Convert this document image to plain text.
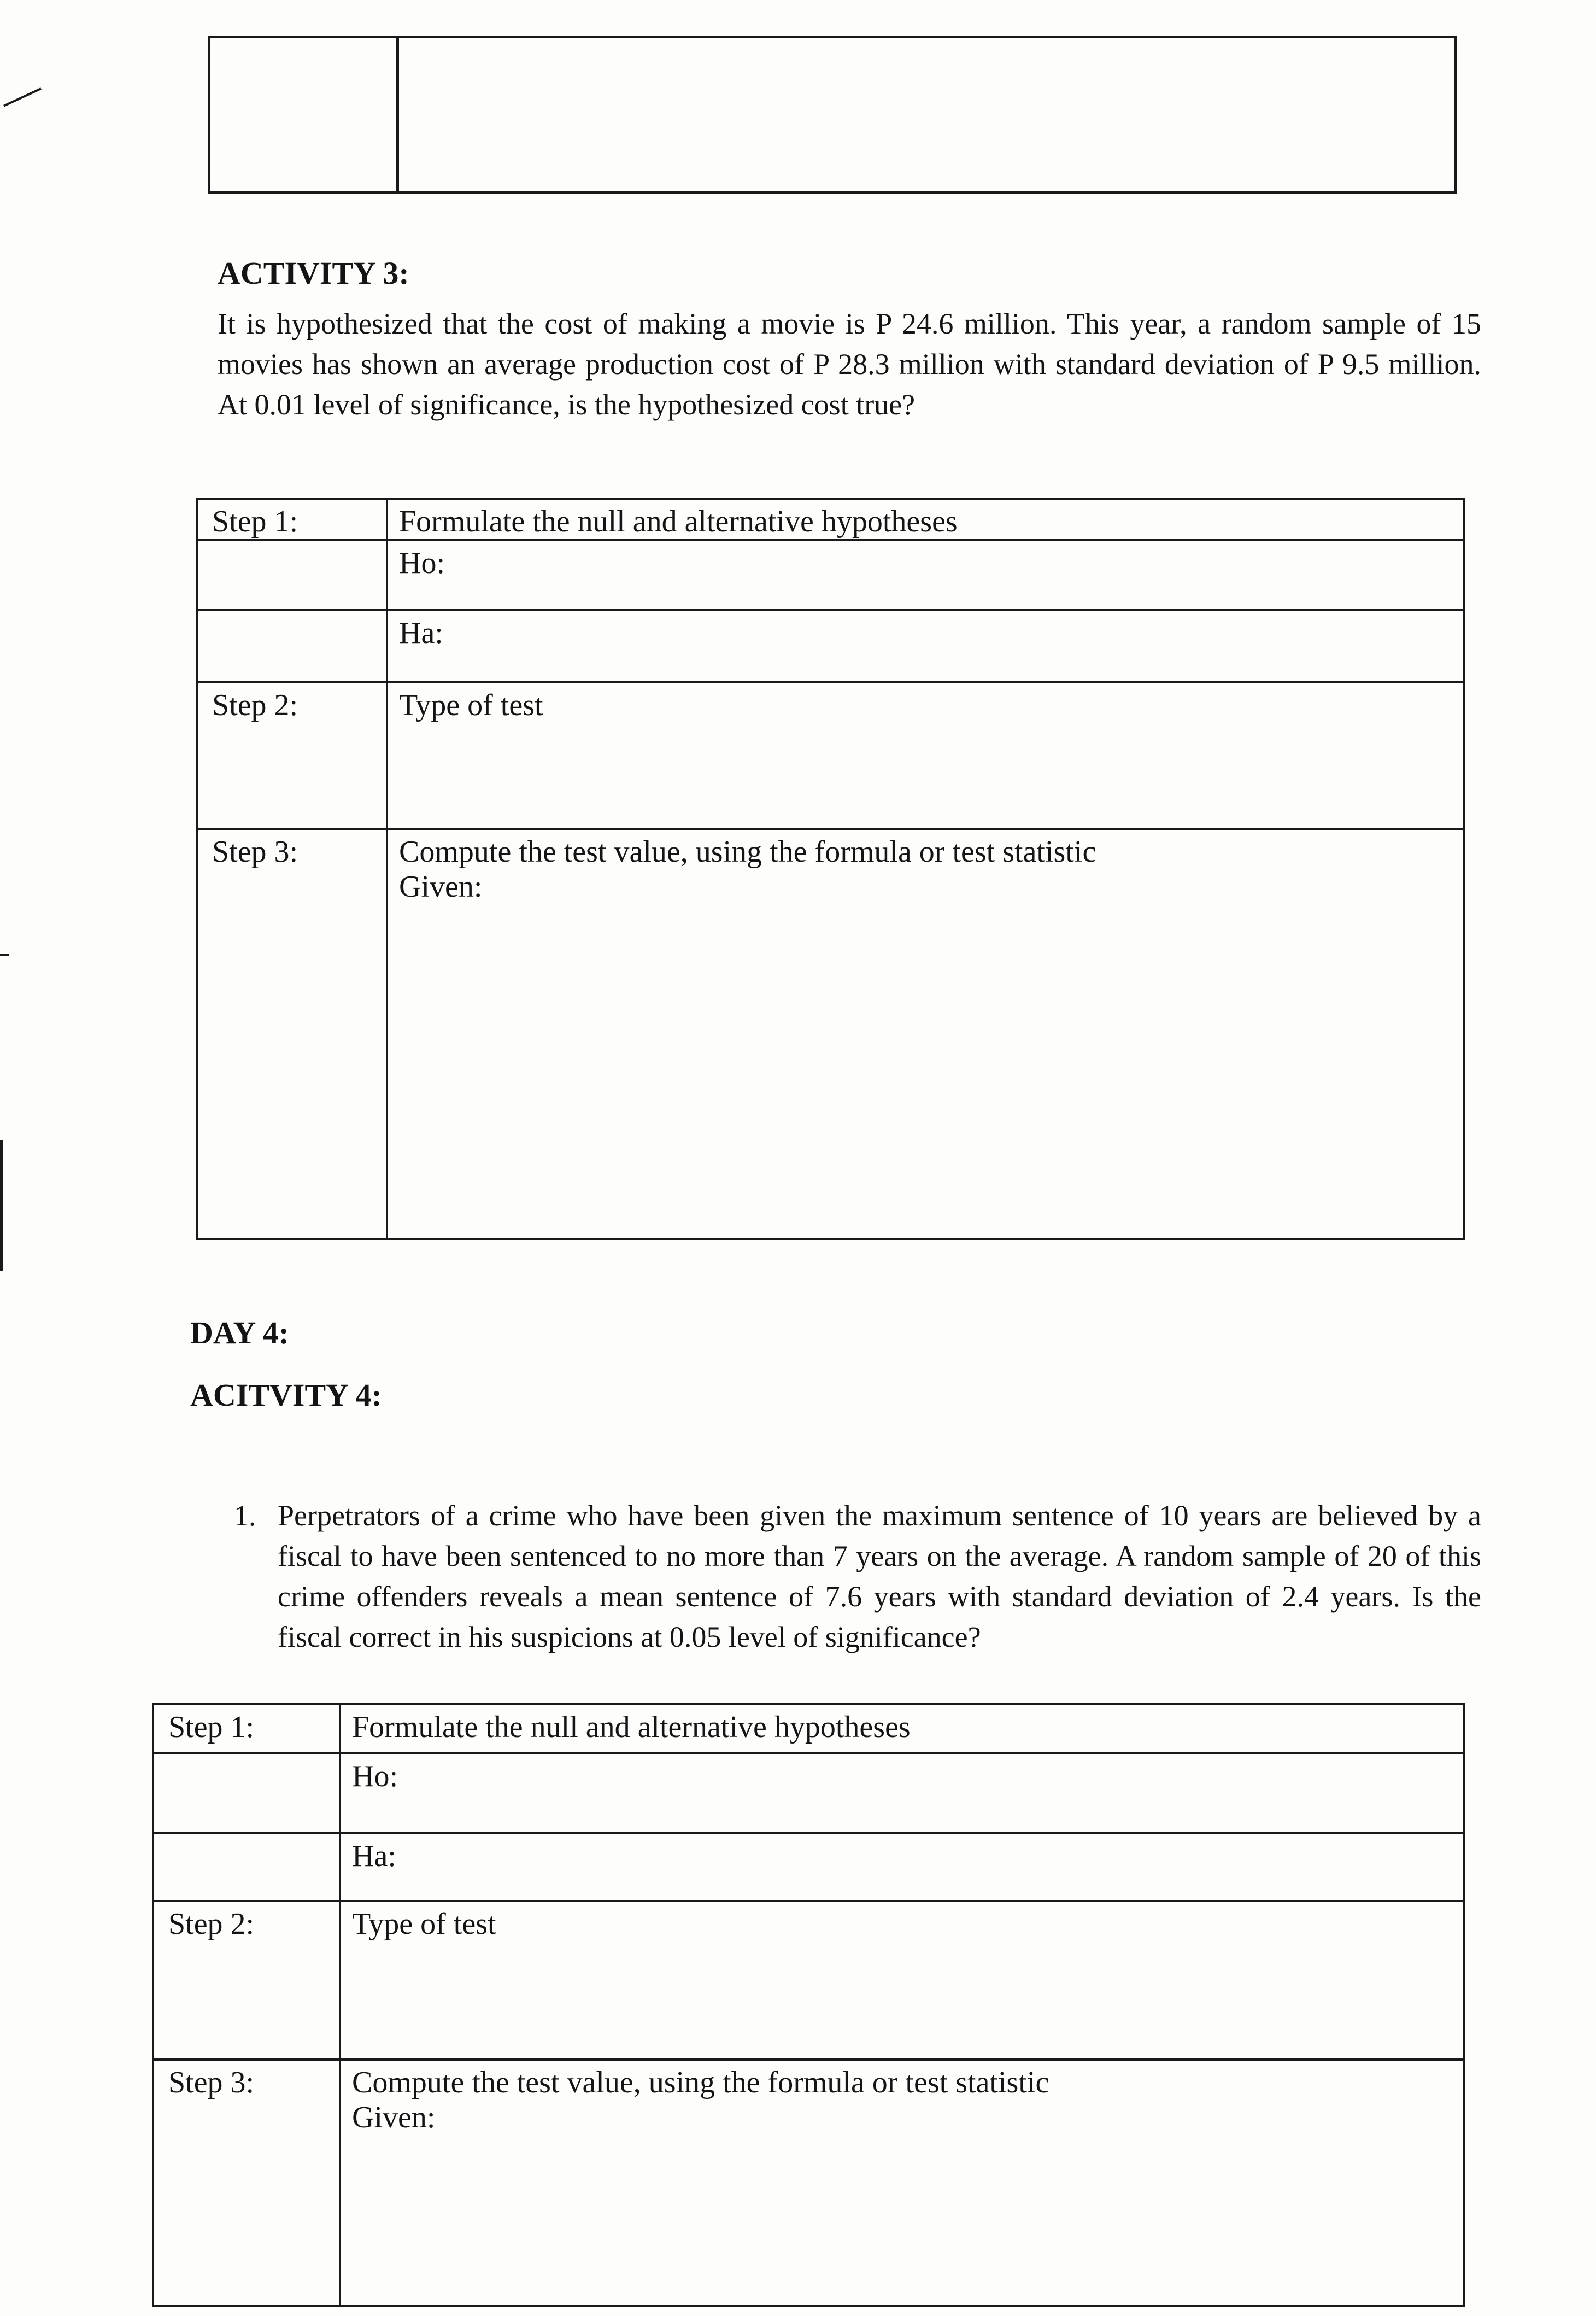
ACTIVITY 3:
It is hypothesized that the cost of making a movie is P 24.6 million. This year, a random sample of 15 movies has shown an average production cost of P 28.3 million with standard deviation of P 9.5 million. At 0.01 level of significance, is the hypothesized cost true?
Step 1:	Formulate the null and alternative hypotheses
	Ho:
	Ha:
Step 2:	Type of test
Step 3:	Compute the test value, using the formula or test statistic
Given:
DAY 4:
ACITVITY 4:
1. Perpetrators of a crime who have been given the maximum sentence of 10 years are believed by a fiscal to have been sentenced to no more than 7 years on the average. A random sample of 20 of this crime offenders reveals a mean sentence of 7.6 years with standard deviation of 2.4 years. Is the fiscal correct in his suspicions at 0.05 level of significance?
Step 1:	Formulate the null and alternative hypotheses
	Ho:
	Ha:
Step 2:	Type of test
Step 3:	Compute the test value, using the formula or test statistic
Given:
